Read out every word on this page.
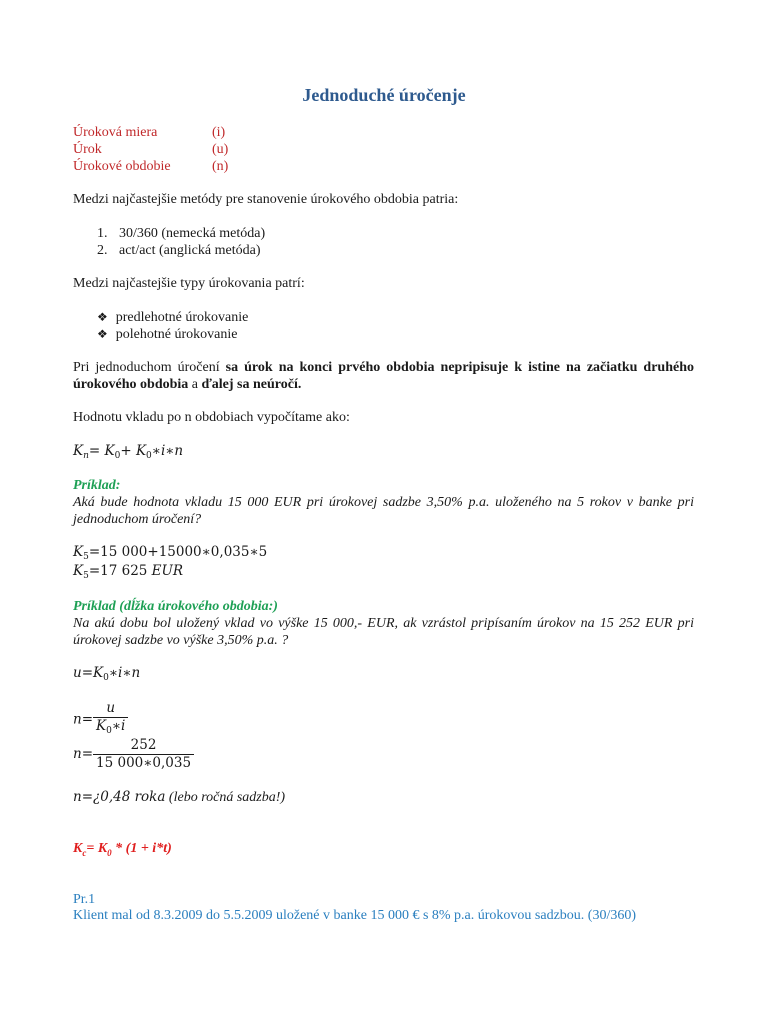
Jednoduché úročenje
Úroková miera	(i)
Úrok	(u)
Úrokové obdobie	(n)
Medzi najčastejšie metódy pre stanovenie úrokového obdobia patria:
1. 30/360 (nemecká metóda)
2. act/act (anglická metóda)
Medzi najčastejšie typy úrokovania patrí:
❖ predlehotné úrokovanie
❖ polehotné úrokovanie
Pri jednoduchom úročení sa úrok na konci prvého obdobia nepripisuje k istine na začiatku druhého úrokového obdobia a ďalej sa neúročí.
Hodnotu vkladu po n obdobiach vypočítame ako:
$K_n= K_0+$ $K_0∗i∗n$
Príklad:
Aká bude hodnota vkladu 15 000 EUR pri úrokovej sadzbe 3,50% p.a. uloženého na 5 rokov v banke pri jednoduchom úročení?
$K_5=15$ 000+15000∗0,035∗5
$K_5=17$ 625 EUR
Príklad (dĺžka úrokového obdobia:)
Na akú dobu bol uložený vklad vo výške 15 000,- EUR, ak vzrástol pripísaním úrokov na 15 252 EUR pri úrokovej sadzbe vo výške 3,50% p.a. ?
$u=K_0∗i∗n$
$n= \frac{u}{K_0∗i}$
$n= \frac{252}{15 000∗0,035}$
n=¿0,48 roka (lebo ročná sadzba!)
$K_c= K_0 * (1 + i*t)$
Pr.1
Klient mal od 8.3.2009 do 5.5.2009 uložené v banke 15 000 € s 8% p.a. úrokovou sadzbou. (30/360)
